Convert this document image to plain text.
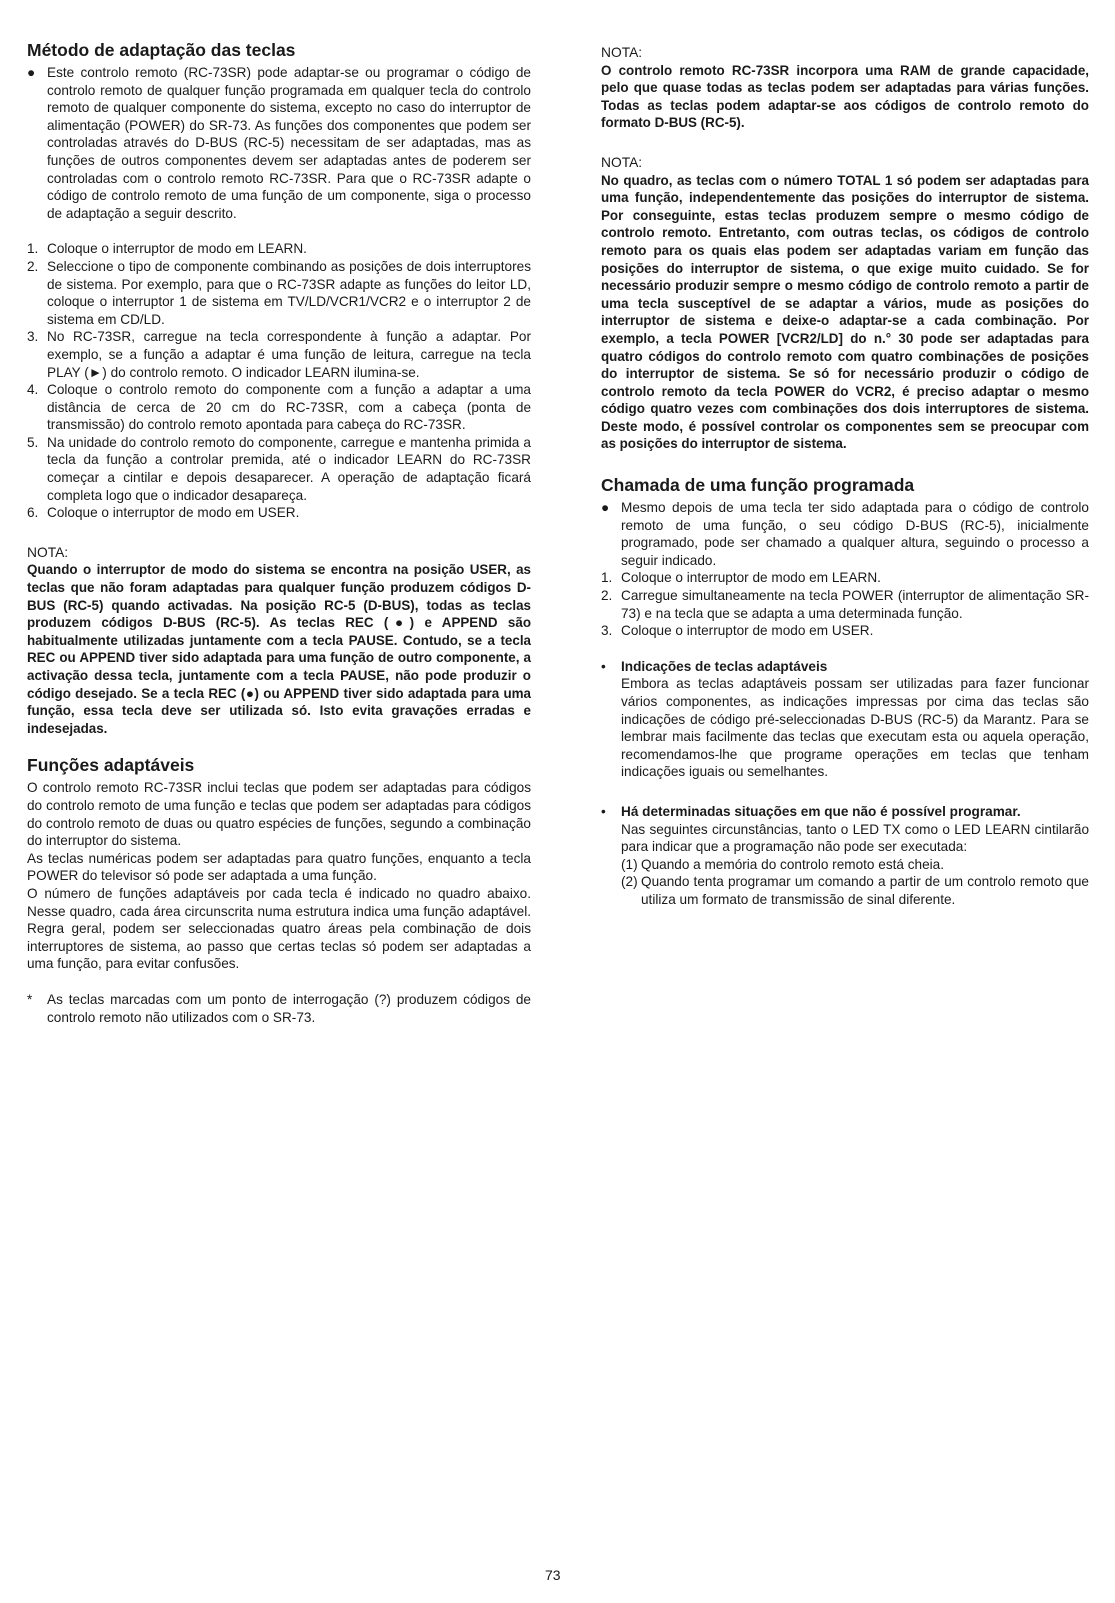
Método de adaptação das teclas

● Este controlo remoto (RC-73SR) pode adaptar-se ou programar o código de controlo remoto de qualquer função programada em qualquer tecla do controlo remoto de qualquer componente do sistema, excepto no caso do interruptor de alimentação (POWER) do SR-73. As funções dos componentes que podem ser controladas através do D-BUS (RC-5) necessitam de ser adaptadas, mas as funções de outros componentes devem ser adaptadas antes de poderem ser controladas com o controlo remoto RC-73SR. Para que o RC-73SR adapte o código de controlo remoto de uma função de um componente, siga o processo de adaptação a seguir descrito.

1. Coloque o interruptor de modo em LEARN.
2. Seleccione o tipo de componente combinando as posições de dois interruptores de sistema. Por exemplo, para que o RC-73SR adapte as funções do leitor LD, coloque o interruptor 1 de sistema em TV/LD/VCR1/VCR2 e o interruptor 2 de sistema em CD/LD.
3. No RC-73SR, carregue na tecla correspondente à função a adaptar. Por exemplo, se a função a adaptar é uma função de leitura, carregue na tecla PLAY (►) do controlo remoto. O indicador LEARN ilumina-se.
4. Coloque o controlo remoto do componente com a função a adaptar a uma distância de cerca de 20 cm do RC-73SR, com a cabeça (ponta de transmissão) do controlo remoto apontada para cabeça do RC-73SR.
5. Na unidade do controlo remoto do componente, carregue e mantenha primida a tecla da função a controlar premida, até o indicador LEARN do RC-73SR começar a cintilar e depois desaparecer. A operação de adaptação ficará completa logo que o indicador desapareça.
6. Coloque o interruptor de modo em USER.

NOTA:

Quando o interruptor de modo do sistema se encontra na posição USER, as teclas que não foram adaptadas para qualquer função produzem códigos D-BUS (RC-5) quando activadas. Na posição RC-5 (D-BUS), todas as teclas produzem códigos D-BUS (RC-5). As teclas REC (●) e APPEND são habitualmente utilizadas juntamente com a tecla PAUSE. Contudo, se a tecla REC ou APPEND tiver sido adaptada para uma função de outro componente, a activação dessa tecla, juntamente com a tecla PAUSE, não pode produzir o código desejado. Se a tecla REC (●) ou APPEND tiver sido adaptada para uma função, essa tecla deve ser utilizada só. Isto evita gravações erradas e indesejadas.

Funções adaptáveis

O controlo remoto RC-73SR inclui teclas que podem ser adaptadas para códigos do controlo remoto de uma função e teclas que podem ser adaptadas para códigos do controlo remoto de duas ou quatro espécies de funções, segundo a combinação do interruptor do sistema.

As teclas numéricas podem ser adaptadas para quatro funções, enquanto a tecla POWER do televisor só pode ser adaptada a uma função.

O número de funções adaptáveis por cada tecla é indicado no quadro abaixo. Nesse quadro, cada área circunscrita numa estrutura indica uma função adaptável. Regra geral, podem ser seleccionadas quatro áreas pela combinação de dois interruptores de sistema, ao passo que certas teclas só podem ser adaptadas a uma função, para evitar confusões.

* As teclas marcadas com um ponto de interrogação (?) produzem códigos de controlo remoto não utilizados com o SR-73.

NOTA:

O controlo remoto RC-73SR incorpora uma RAM de grande capacidade, pelo que quase todas as teclas podem ser adaptadas para várias funções. Todas as teclas podem adaptar-se aos códigos de controlo remoto do formato D-BUS (RC-5).

NOTA:

No quadro, as teclas com o número TOTAL 1 só podem ser adaptadas para uma função, independentemente das posições do interruptor de sistema. Por conseguinte, estas teclas produzem sempre o mesmo código de controlo remoto. Entretanto, com outras teclas, os códigos de controlo remoto para os quais elas podem ser adaptadas variam em função das posições do interruptor de sistema, o que exige muito cuidado. Se for necessário produzir sempre o mesmo código de controlo remoto a partir de uma tecla susceptível de se adaptar a vários, mude as posições do interruptor de sistema e deixe-o adaptar-se a cada combinação. Por exemplo, a tecla POWER [VCR2/LD] do n.° 30 pode ser adaptadas para quatro códigos do controlo remoto com quatro combinações de posições do interruptor de sistema. Se só for necessário produzir o código de controlo remoto da tecla POWER do VCR2, é preciso adaptar o mesmo código quatro vezes com combinações dos dois interruptores de sistema. Deste modo, é possível controlar os componentes sem se preocupar com as posições do interruptor de sistema.

Chamada de uma função programada

● Mesmo depois de uma tecla ter sido adaptada para o código de controlo remoto de uma função, o seu código D-BUS (RC-5), inicialmente programado, pode ser chamado a qualquer altura, seguindo o processo a seguir indicado.

1. Coloque o interruptor de modo em LEARN.
2. Carregue simultaneamente na tecla POWER (interruptor de alimentação SR-73) e na tecla que se adapta a uma determinada função.
3. Coloque o interruptor de modo em USER.
• Indicações de teclas adaptáveis

Embora as teclas adaptáveis possam ser utilizadas para fazer funcionar vários componentes, as indicações impressas por cima das teclas são indicações de código pré-seleccionadas D-BUS (RC-5) da Marantz. Para se lembrar mais facilmente das teclas que executam esta ou aquela operação, recomendamos-lhe que programe operações em teclas que tenham indicações iguais ou semelhantes.

• Há determinadas situações em que não é possível programar.

Nas seguintes circunstâncias, tanto o LED TX como o LED LEARN cintilarão para indicar que a programação não pode ser executada:

(1) Quando a memória do controlo remoto está cheia.

(2) Quando tenta programar um comando a partir de um controlo remoto que utiliza um formato de transmissão de sinal diferente.

73
